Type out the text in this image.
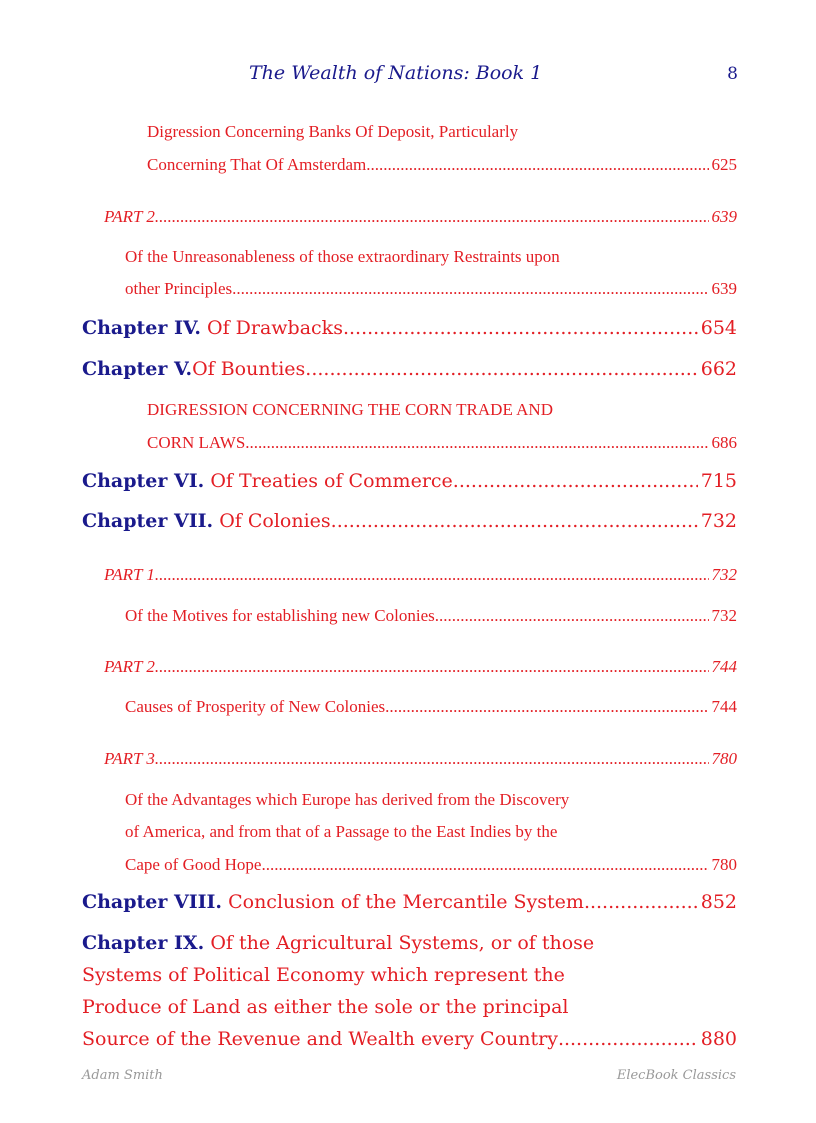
The Wealth of Nations: Book 1	8
Digression Concerning Banks Of Deposit, Particularly
Concerning That Of Amsterdam .....	625
PART 2 .....	639
Of the Unreasonableness of those extraordinary Restraints upon
other Principles .....	639
Chapter IV. Of Drawbacks .....	654
Chapter V.Of Bounties .....	662
DIGRESSION CONCERNING THE CORN TRADE AND
CORN LAWS .....	686
Chapter VI. Of Treaties of Commerce .....	715
Chapter VII. Of Colonies .....	732
PART 1 .....	732
Of the Motives for establishing new Colonies .....	732
PART 2 .....	744
Causes of Prosperity of New Colonies .....	744
PART 3 .....	780
Of the Advantages which Europe has derived from the Discovery
of America, and from that of a Passage to the East Indies by the
Cape of Good Hope .....	780
Chapter VIII. Conclusion of the Mercantile System .....	852
Chapter IX. Of the Agricultural Systems, or of those
Systems of Political Economy which represent the
Produce of Land as either the sole or the principal
Source of the Revenue and Wealth every Country .....	880
Adam Smith	ElecBook Classics
